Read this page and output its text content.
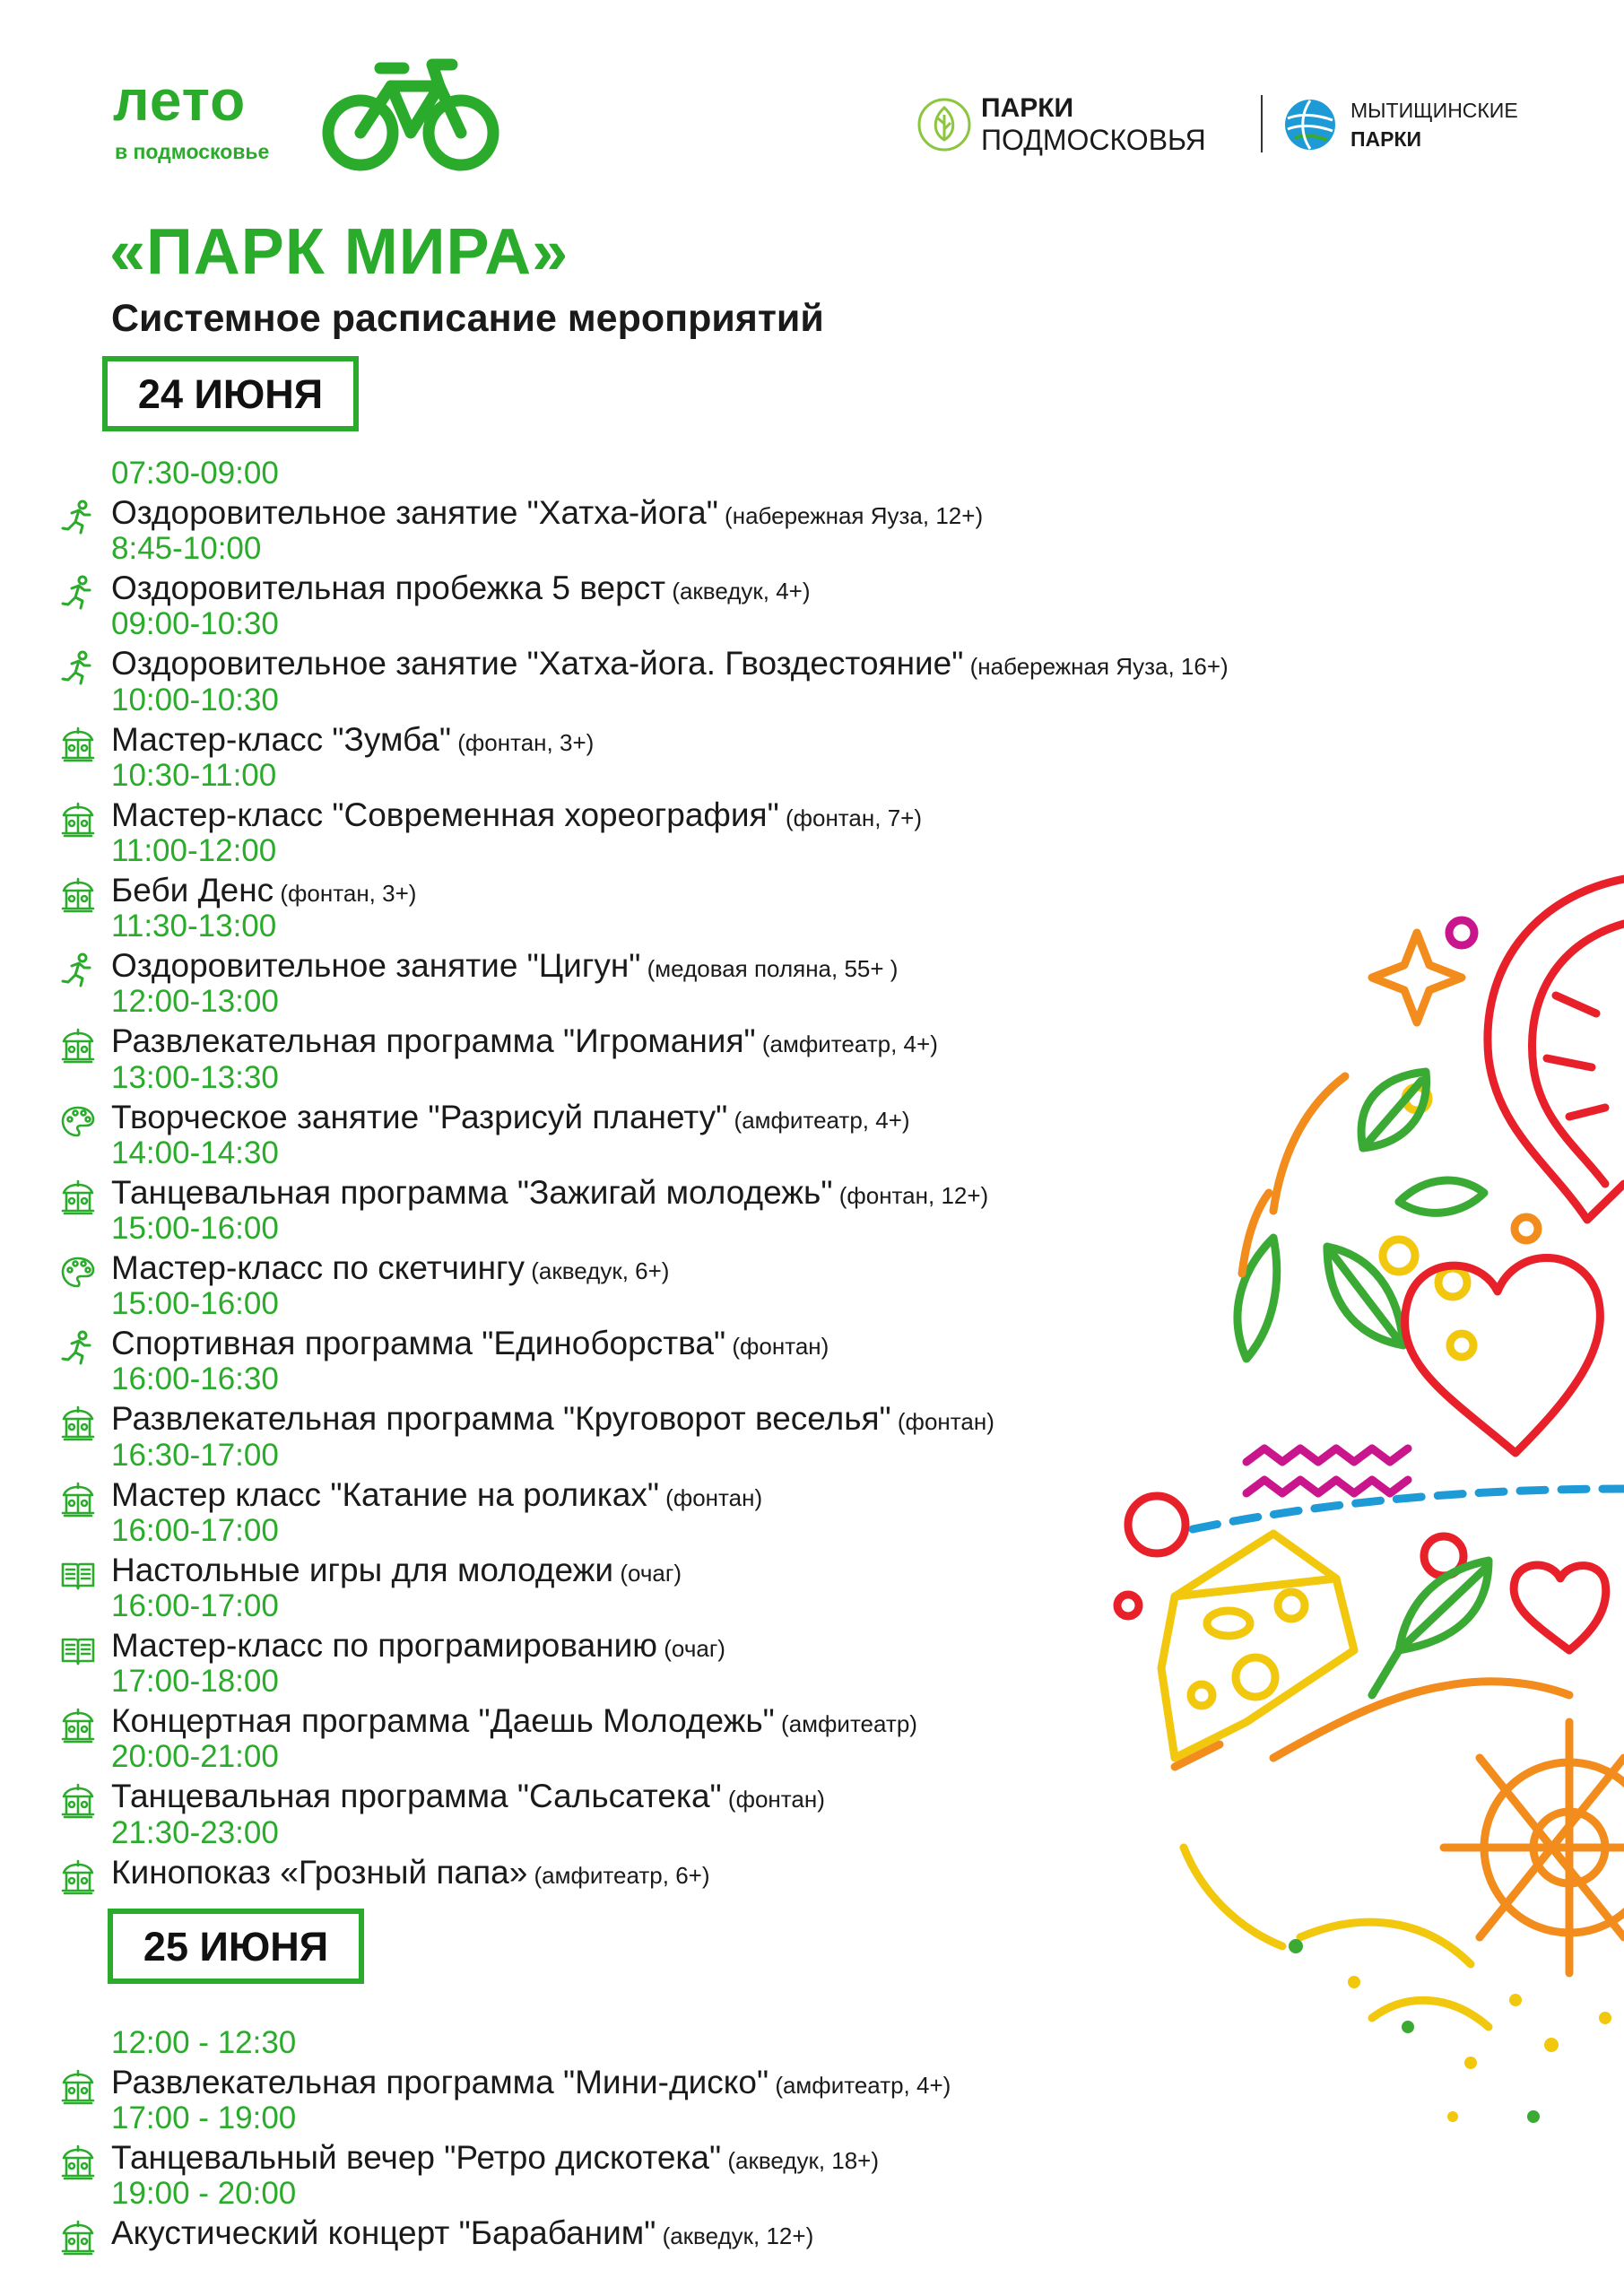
лето
в подмосковье
ПАРКИ
ПОДМОСКОВЬЯ
МЫТИЩИНСКИЕ
ПАРКИ
«ПАРК МИРА»
Системное расписание мероприятий
24 ИЮНЯ
25 ИЮНЯ
07:30-09:00
Оздоровительное занятие "Хатха-йога" (набережная Яуза, 12+)
8:45-10:00
Оздоровительная пробежка 5 верст (акведук, 4+)
09:00-10:30
Оздоровительное занятие "Хатха-йога. Гвоздестояние" (набережная Яуза, 16+)
10:00-10:30
Мастер-класс "Зумба" (фонтан, 3+)
10:30-11:00
Мастер-класс "Современная хореография" (фонтан, 7+)
11:00-12:00
Беби Денс (фонтан, 3+)
11:30-13:00
Оздоровительное занятие "Цигун" (медовая поляна, 55+ )
12:00-13:00
Развлекательная программа "Игромания" (амфитеатр, 4+)
13:00-13:30
Творческое занятие "Разрисуй планету" (амфитеатр, 4+)
14:00-14:30
Танцевальная программа "Зажигай молодежь" (фонтан, 12+)
15:00-16:00
Мастер-класс по скетчингу (акведук, 6+)
15:00-16:00
Спортивная программа "Единоборства" (фонтан)
16:00-16:30
Развлекательная программа "Круговорот веселья" (фонтан)
16:30-17:00
Мастер класс "Катание на роликах" (фонтан)
16:00-17:00
Настольные игры для молодежи (очаг)
16:00-17:00
Мастер-класс по програмированию (очаг)
17:00-18:00
Концертная программа "Даешь Молодежь" (амфитеатр)
20:00-21:00
Танцевальная программа "Сальсатека" (фонтан)
21:30-23:00
Кинопоказ «Грозный папа» (амфитеатр, 6+)
12:00 - 12:30
Развлекательная программа "Мини-диско" (амфитеатр, 4+)
17:00 - 19:00
Танцевальный вечер "Ретро дискотека" (акведук, 18+)
19:00 - 20:00
Акустический концерт "Барабаним" (акведук, 12+)
